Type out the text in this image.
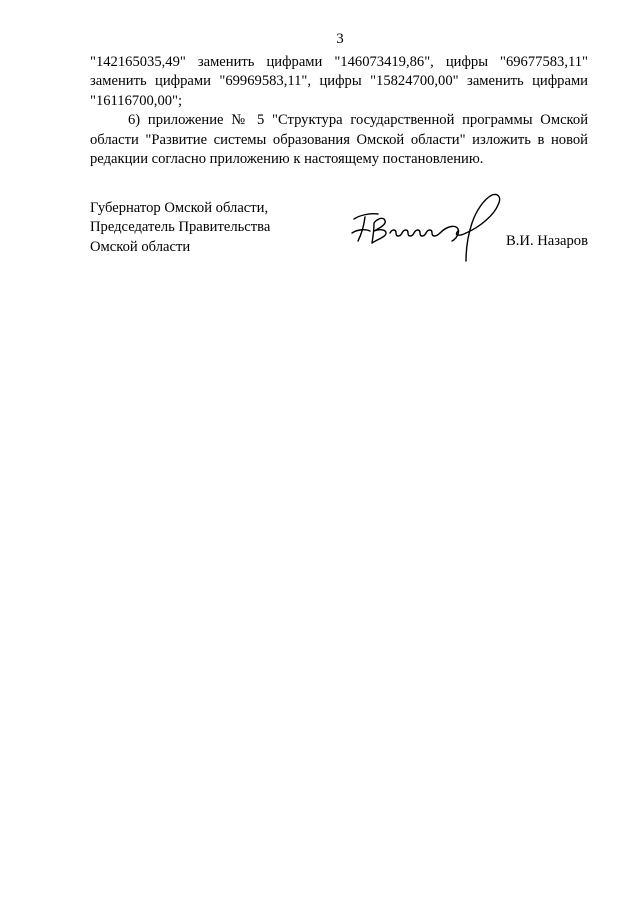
3
"142165035,49" заменить цифрами "146073419,86", цифры "69677583,11"
заменить цифрами "69969583,11", цифры "15824700,00" заменить цифрами
"16116700,00";
6) приложение № 5 "Структура государственной программы Омской
области "Развитие системы образования Омской области" изложить в новой
редакции согласно приложению к настоящему постановлению.
Губернатор Омской области,
Председатель Правительства
Омской области	В.И. Назаров
